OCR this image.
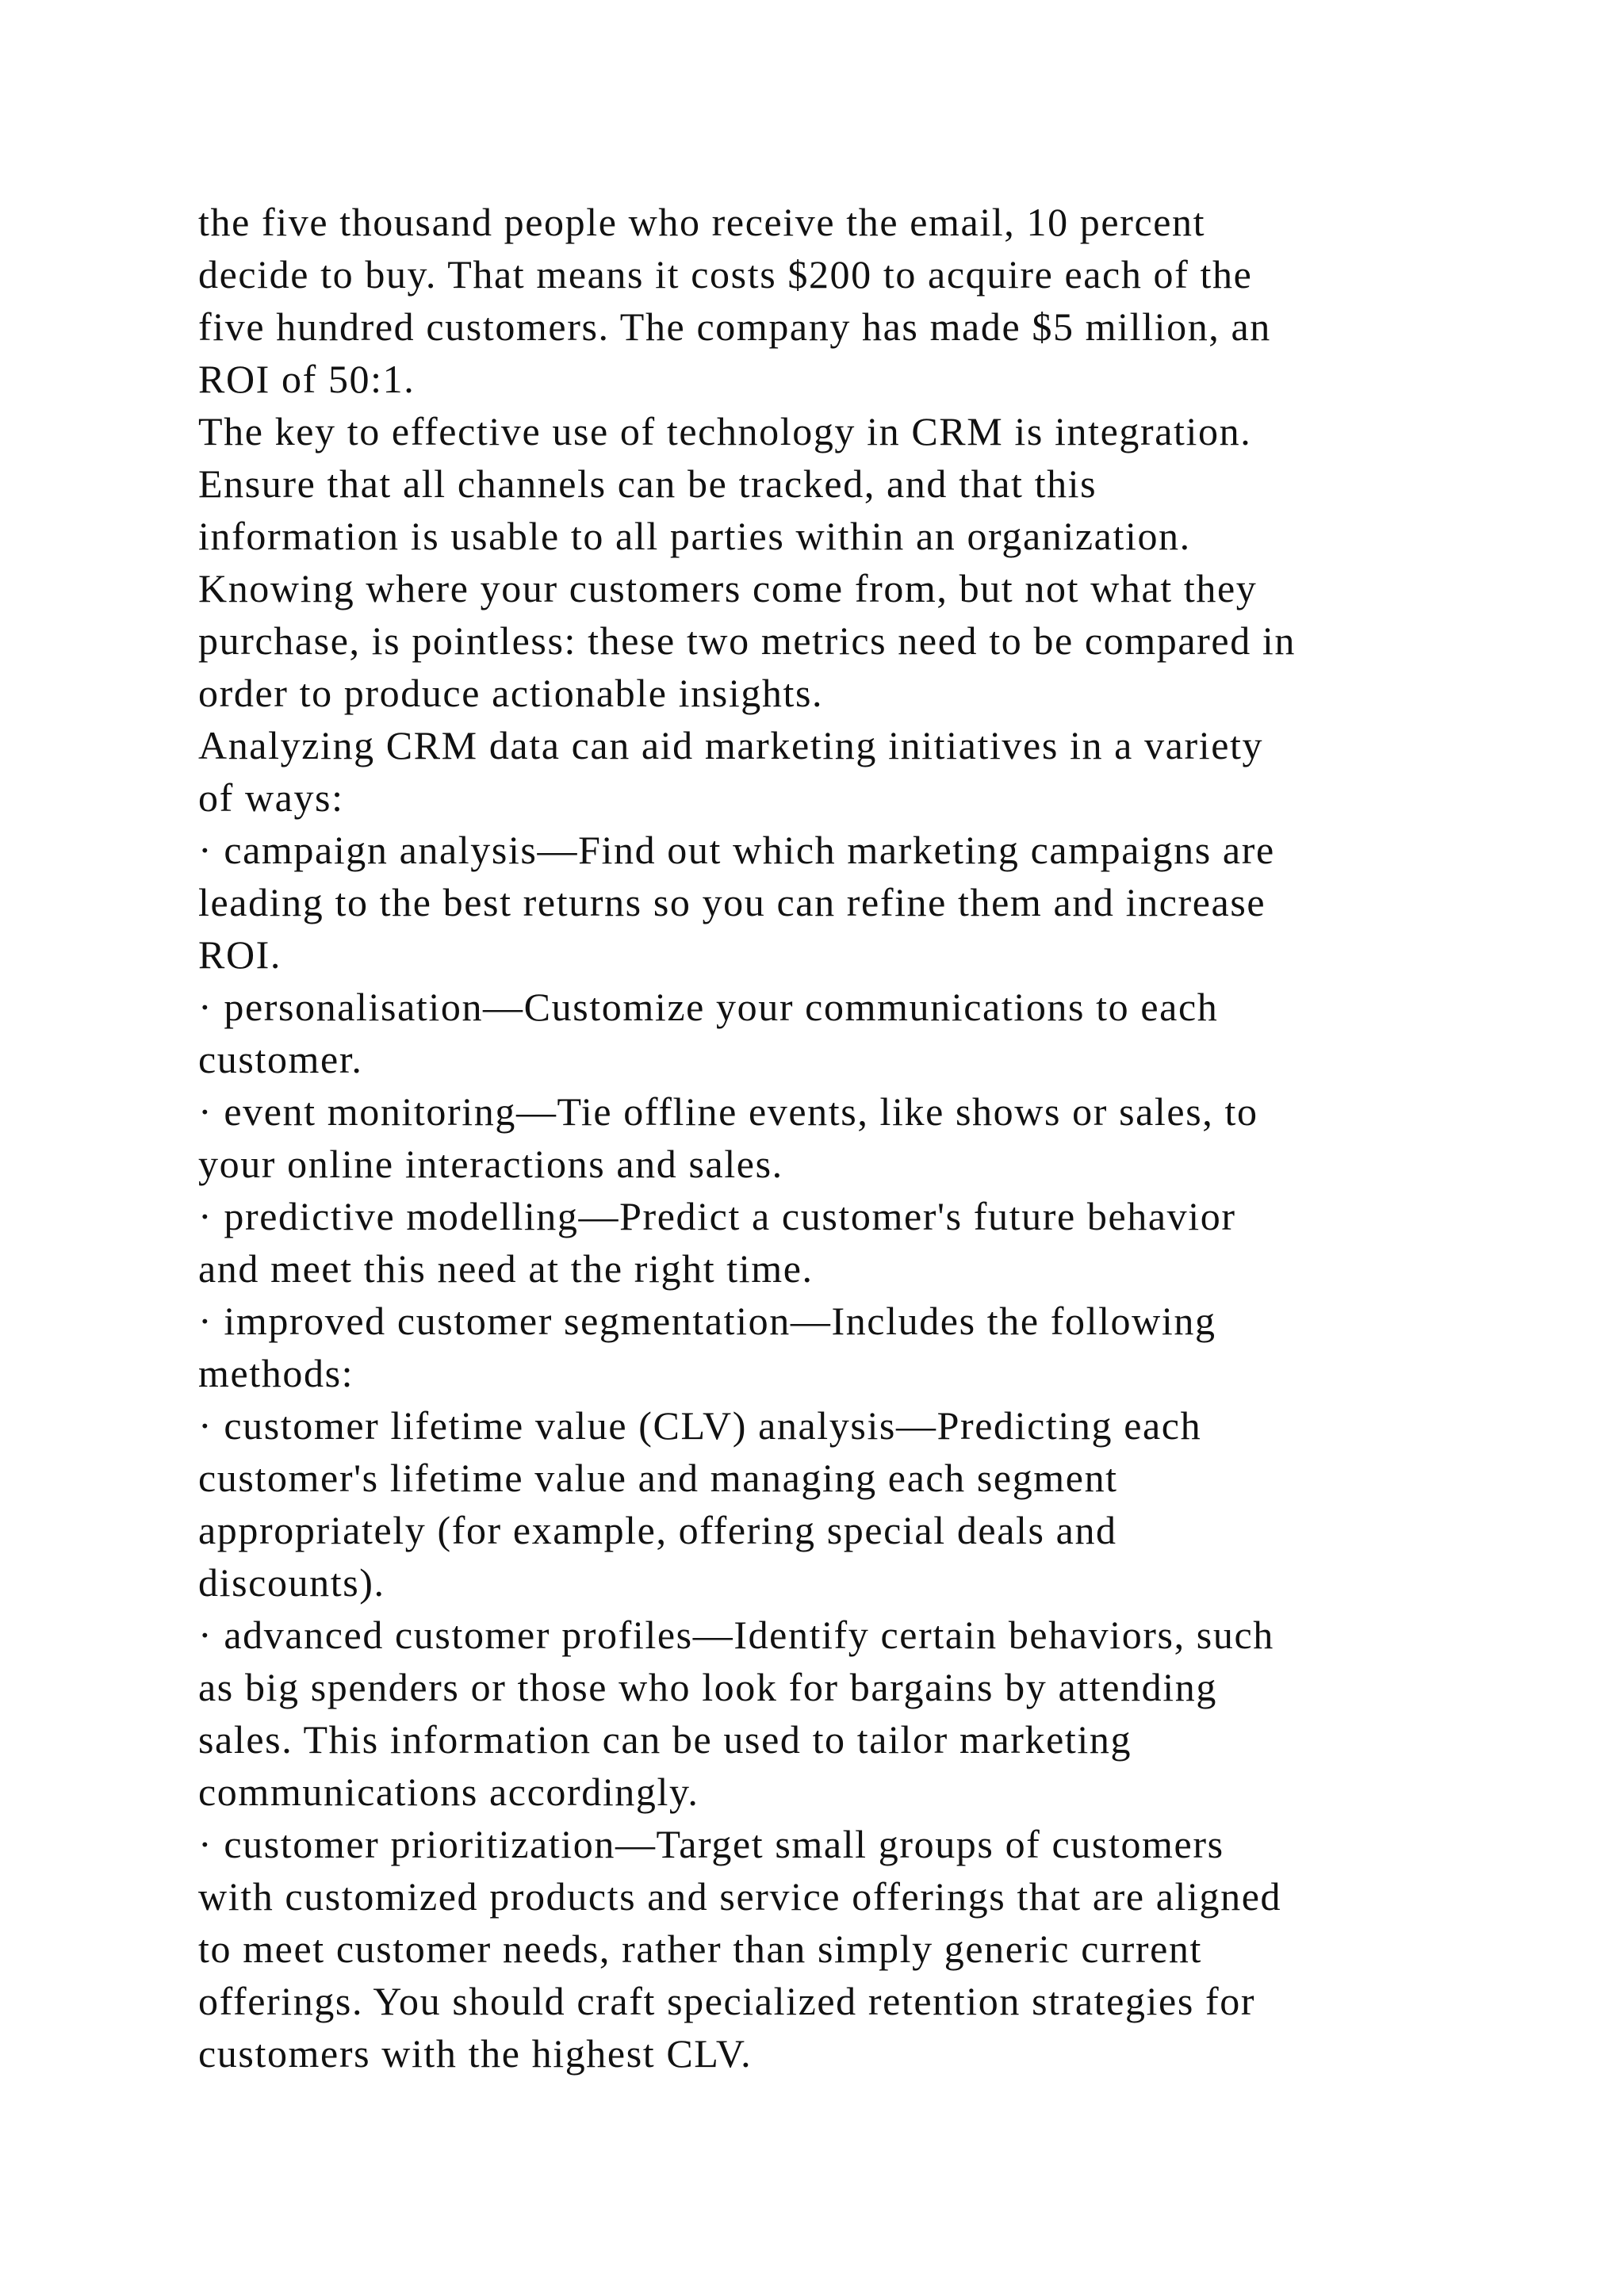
the five thousand people who receive the email, 10 percent
decide to buy. That means it costs $200 to acquire each of the
five hundred customers. The company has made $5 million, an
ROI of 50:1.
The key to effective use of technology in CRM is integration.
Ensure that all channels can be tracked, and that this
information is usable to all parties within an organization.
Knowing where your customers come from, but not what they
purchase, is pointless: these two metrics need to be compared in
order to produce actionable insights.
Analyzing CRM data can aid marketing initiatives in a variety
of ways:
· campaign analysis—Find out which marketing campaigns are
leading to the best returns so you can refine them and increase
ROI.
· personalisation—Customize your communications to each
customer.
· event monitoring—Tie offline events, like shows or sales, to
your online interactions and sales.
· predictive modelling—Predict a customer's future behavior
and meet this need at the right time.
· improved customer segmentation—Includes the following
methods:
· customer lifetime value (CLV) analysis—Predicting each
customer's lifetime value and managing each segment
appropriately (for example, offering special deals and
discounts).
· advanced customer profiles—Identify certain behaviors, such
as big spenders or those who look for bargains by attending
sales. This information can be used to tailor marketing
communications accordingly.
· customer prioritization—Target small groups of customers
with customized products and service offerings that are aligned
to meet customer needs, rather than simply generic current
offerings. You should craft specialized retention strategies for
customers with the highest CLV.
